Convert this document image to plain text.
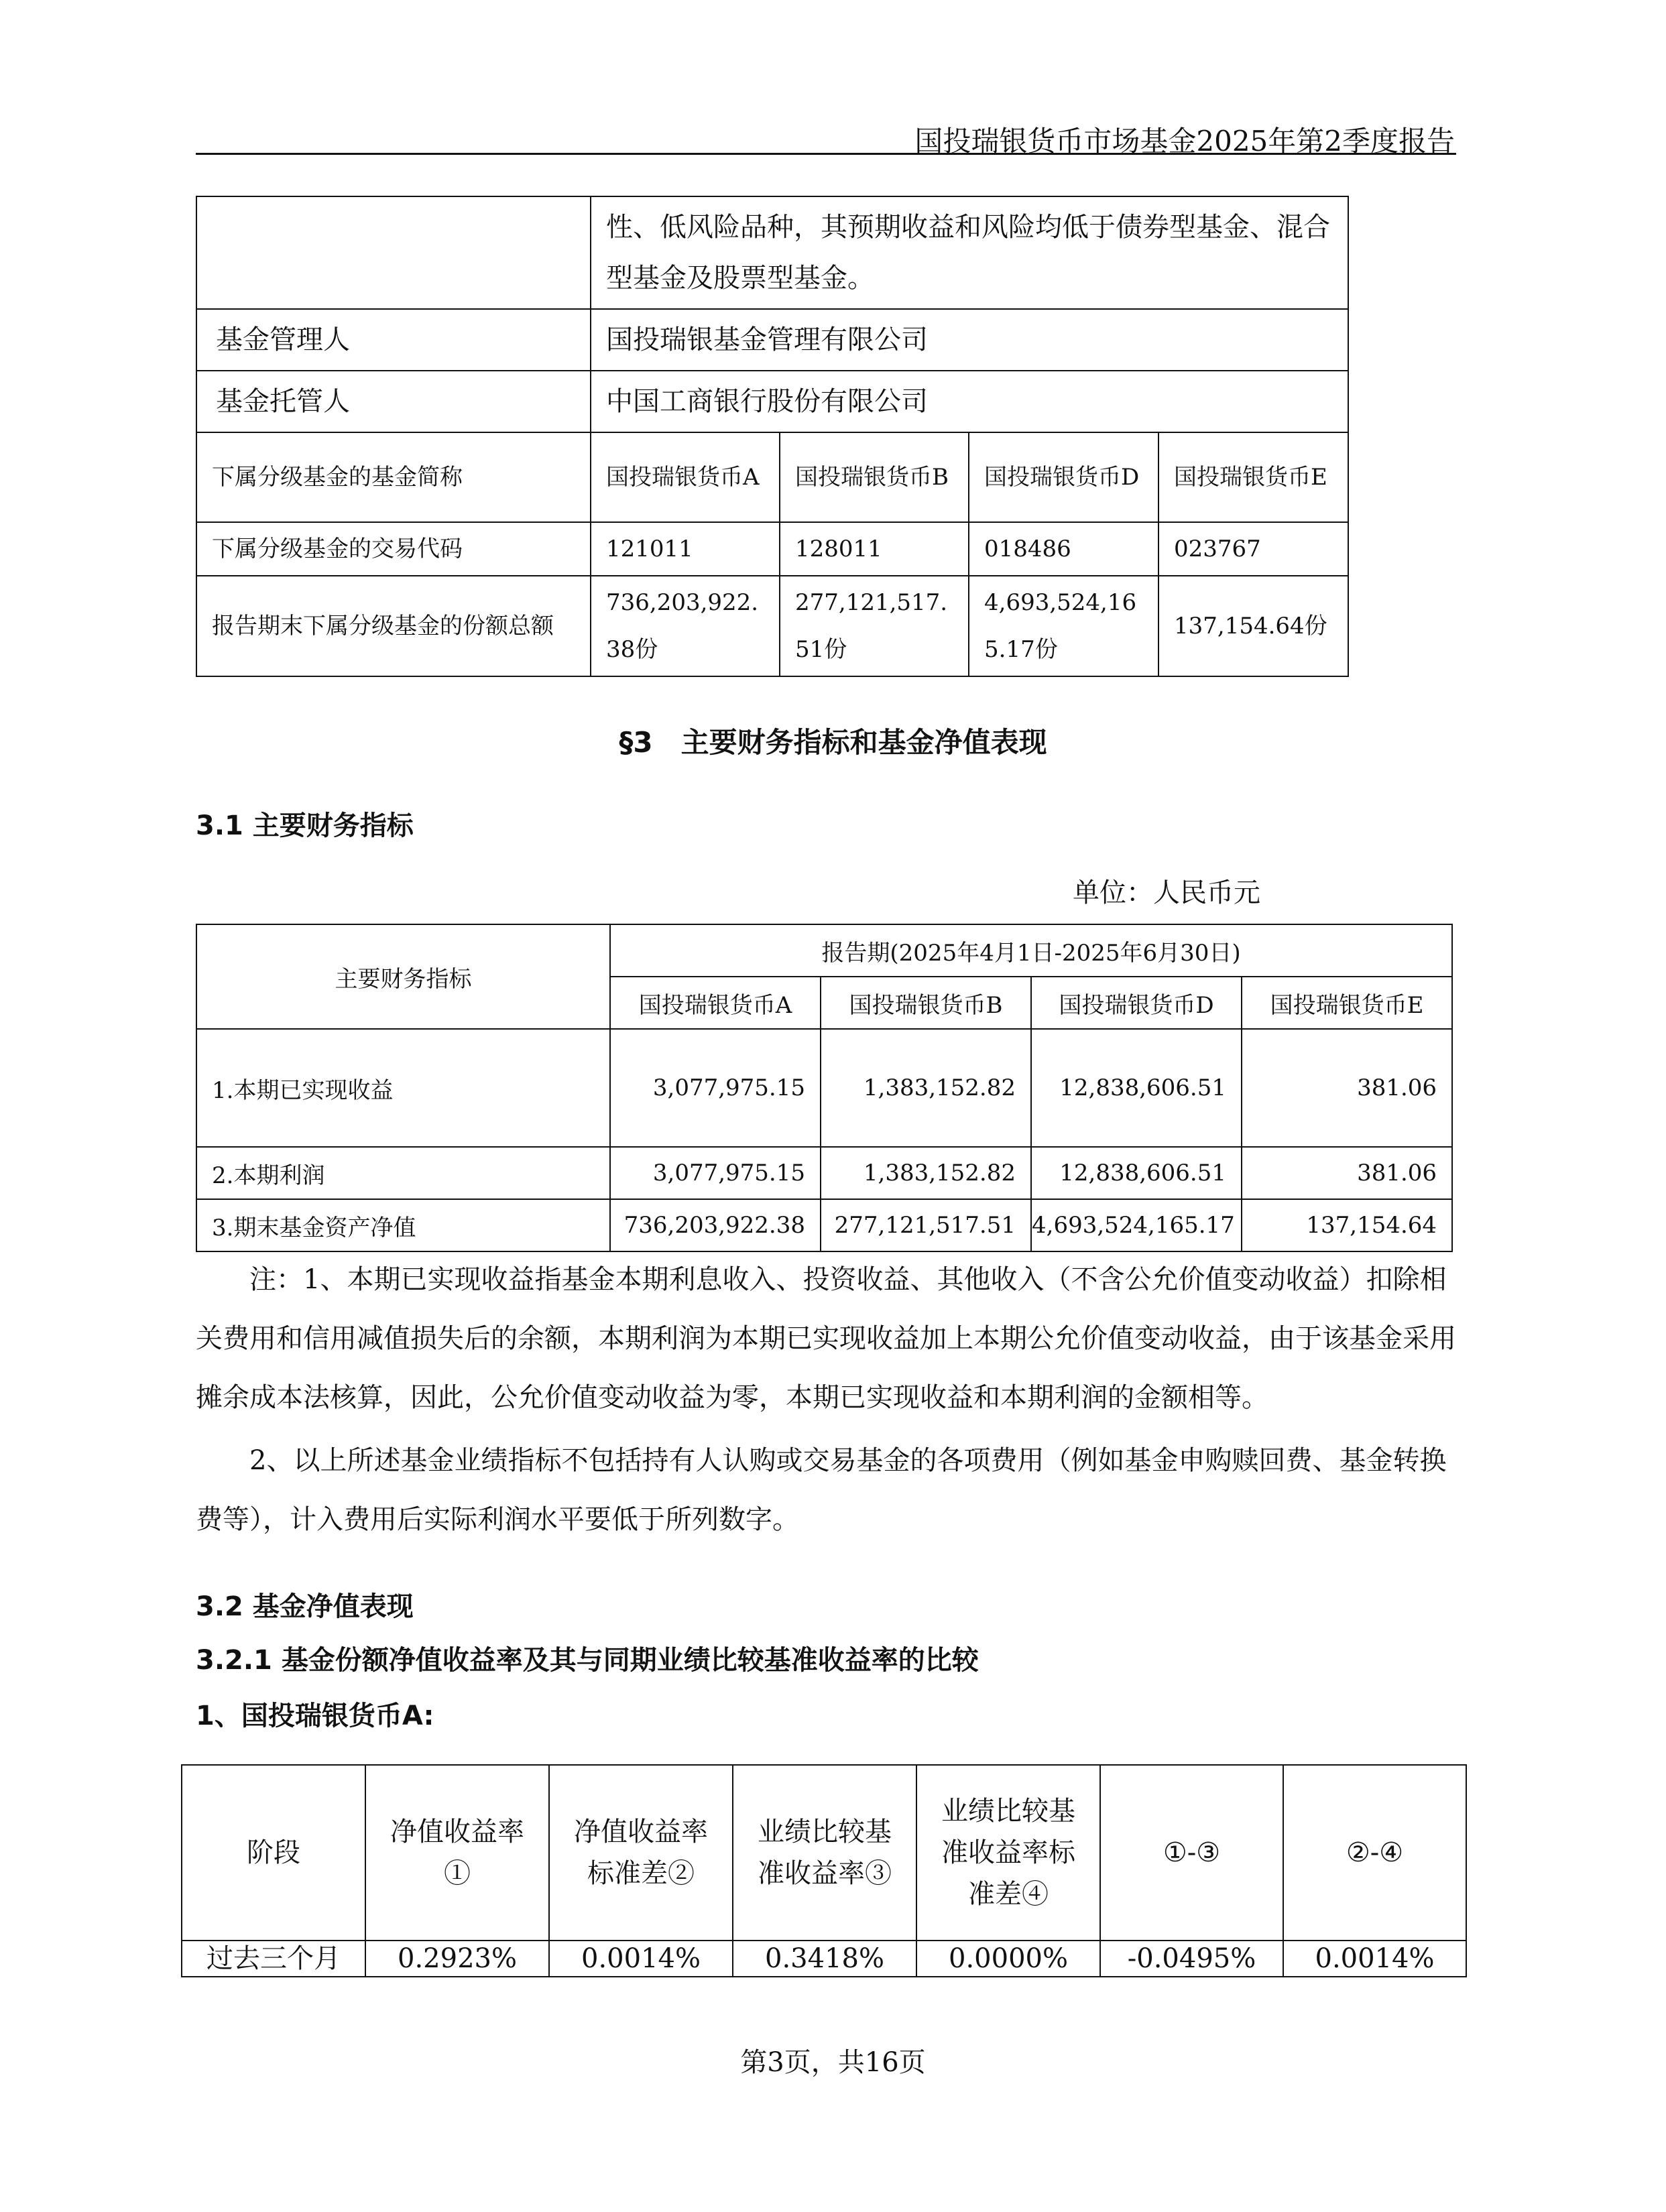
国投瑞银货币市场基金2025年第2季度报告
	性、低风险品种，其预期收益和风险均低于债券型基金、混合型基金及股票型基金。			
基金管理人	国投瑞银基金管理有限公司			
基金托管人	中国工商银行股份有限公司			
下属分级基金的基金简称	国投瑞银货币A	国投瑞银货币B	国投瑞银货币D	国投瑞银货币E
下属分级基金的交易代码	121011	128011	018486	023767
报告期末下属分级基金的份额总额	736,203,922.38份	277,121,517.51份	4,693,524,165.17份	137,154.64份
§3　主要财务指标和基金净值表现
3.1 主要财务指标
单位：人民币元
主要财务指标	报告期(2025年4月1日-2025年6月30日)			
	国投瑞银货币A	国投瑞银货币B	国投瑞银货币D	国投瑞银货币E
1.本期已实现收益	3,077,975.15	1,383,152.82	12,838,606.51	381.06
2.本期利润	3,077,975.15	1,383,152.82	12,838,606.51	381.06
3.期末基金资产净值	736,203,922.38	277,121,517.51	4,693,524,165.17	137,154.64

注：1、本期已实现收益指基金本期利息收入、投资收益、其他收入（不含公允价值变动收益）扣除相关费用和信用减值损失后的余额，本期利润为本期已实现收益加上本期公允价值变动收益，由于该基金采用摊余成本法核算，因此，公允价值变动收益为零，本期已实现收益和本期利润的金额相等。

2、以上所述基金业绩指标不包括持有人认购或交易基金的各项费用（例如基金申购赎回费、基金转换费等），计入费用后实际利润水平要低于所列数字。

3.2 基金净值表现
3.2.1 基金份额净值收益率及其与同期业绩比较基准收益率的比较
1、国投瑞银货币A:
阶段	净值收益率①	净值收益率标准差②	业绩比较基准收益率③	业绩比较基准收益率标准差④	①-③	②-④
过去三个月	0.2923%	0.0014%	0.3418%	0.0000%	-0.0495%	0.0014%
第3页，共16页
